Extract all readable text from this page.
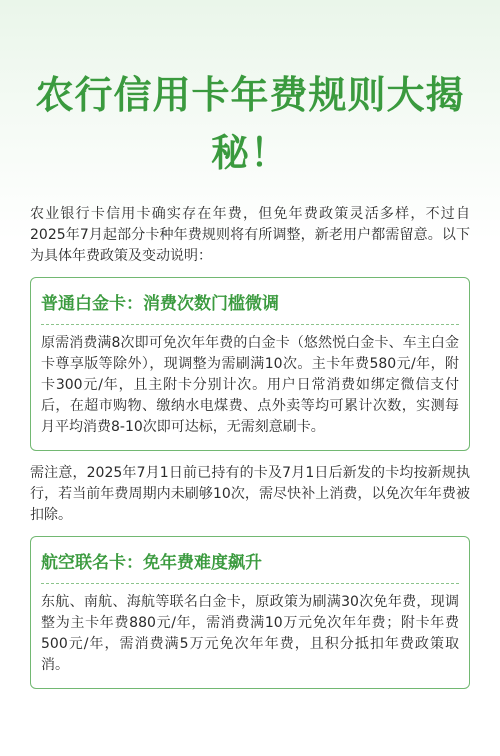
农行信用卡年费规则大揭秘！

农业银行卡信用卡确实存在年费，但免年费政策灵活多样，不过自2025年7月起部分卡种年费规则将有所调整，新老用户都需留意。以下为具体年费政策及变动说明：

普通白金卡：消费次数门槛微调

原需消费满8次即可免次年年费的白金卡（悠然悦白金卡、车主白金卡尊享版等除外），现调整为需刷满10次。主卡年费580元/年，附卡300元/年，且主附卡分别计次。用户日常消费如绑定微信支付后，在超市购物、缴纳水电煤费、点外卖等均可累计次数，实测每月平均消费8-10次即可达标，无需刻意刷卡。

需注意，2025年7月1日前已持有的卡及7月1日后新发的卡均按新规执行，若当前年费周期内未刷够10次，需尽快补上消费，以免次年年费被扣除。

航空联名卡：免年费难度飙升

东航、南航、海航等联名白金卡，原政策为刷满30次免年费，现调整为主卡年费880元/年，需消费满10万元免次年年费；附卡年费500元/年，需消费满5万元免次年年费，且积分抵扣年费政策取消。
